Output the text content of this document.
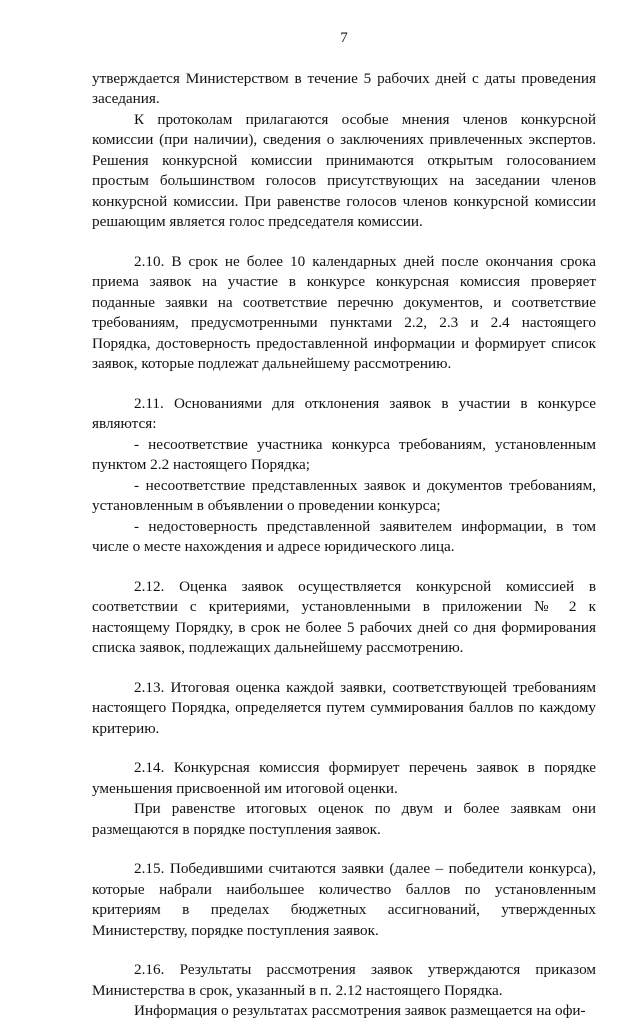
7

утверждается Министерством в течение 5 рабочих дней с даты проведения заседания.

К протоколам прилагаются особые мнения членов конкурсной комиссии (при наличии), сведения о заключениях привлеченных экспертов. Решения конкурсной комиссии принимаются открытым голосованием простым большинством голосов присутствующих на заседании членов конкурсной комиссии. При равенстве голосов членов конкурсной комиссии решающим является голос председателя комиссии.

2.10. В срок не более 10 календарных дней после окончания срока приема заявок на участие в конкурсе конкурсная комиссия проверяет поданные заявки на соответствие перечню документов, и соответствие требованиям, предусмотренными пунктами 2.2, 2.3 и 2.4 настоящего Порядка, достоверность предоставленной информации и формирует список заявок, которые подлежат дальнейшему рассмотрению.

2.11. Основаниями для отклонения заявок в участии в конкурсе являются:

- несоответствие участника конкурса требованиям, установленным пунктом 2.2 настоящего Порядка;

- несоответствие представленных заявок и документов требованиям, установленным в объявлении о проведении конкурса;

- недостоверность представленной заявителем информации, в том числе о месте нахождения и адресе юридического лица.

2.12. Оценка заявок осуществляется конкурсной комиссией в соответствии с критериями, установленными в приложении № 2 к настоящему Порядку, в срок не более 5 рабочих дней со дня формирования списка заявок, подлежащих дальнейшему рассмотрению.

2.13. Итоговая оценка каждой заявки, соответствующей требованиям настоящего Порядка, определяется путем суммирования баллов по каждому критерию.

2.14. Конкурсная комиссия формирует перечень заявок в порядке уменьшения присвоенной им итоговой оценки.

При равенстве итоговых оценок по двум и более заявкам они размещаются в порядке поступления заявок.

2.15. Победившими считаются заявки (далее – победители конкурса), которые набрали наибольшее количество баллов по установленным критериям в пределах бюджетных ассигнований, утвержденных Министерству, порядке поступления заявок.

2.16. Результаты рассмотрения заявок утверждаются приказом Министерства в срок, указанный в п. 2.12 настоящего Порядка.

Информация о результатах рассмотрения заявок размещается на офи-
